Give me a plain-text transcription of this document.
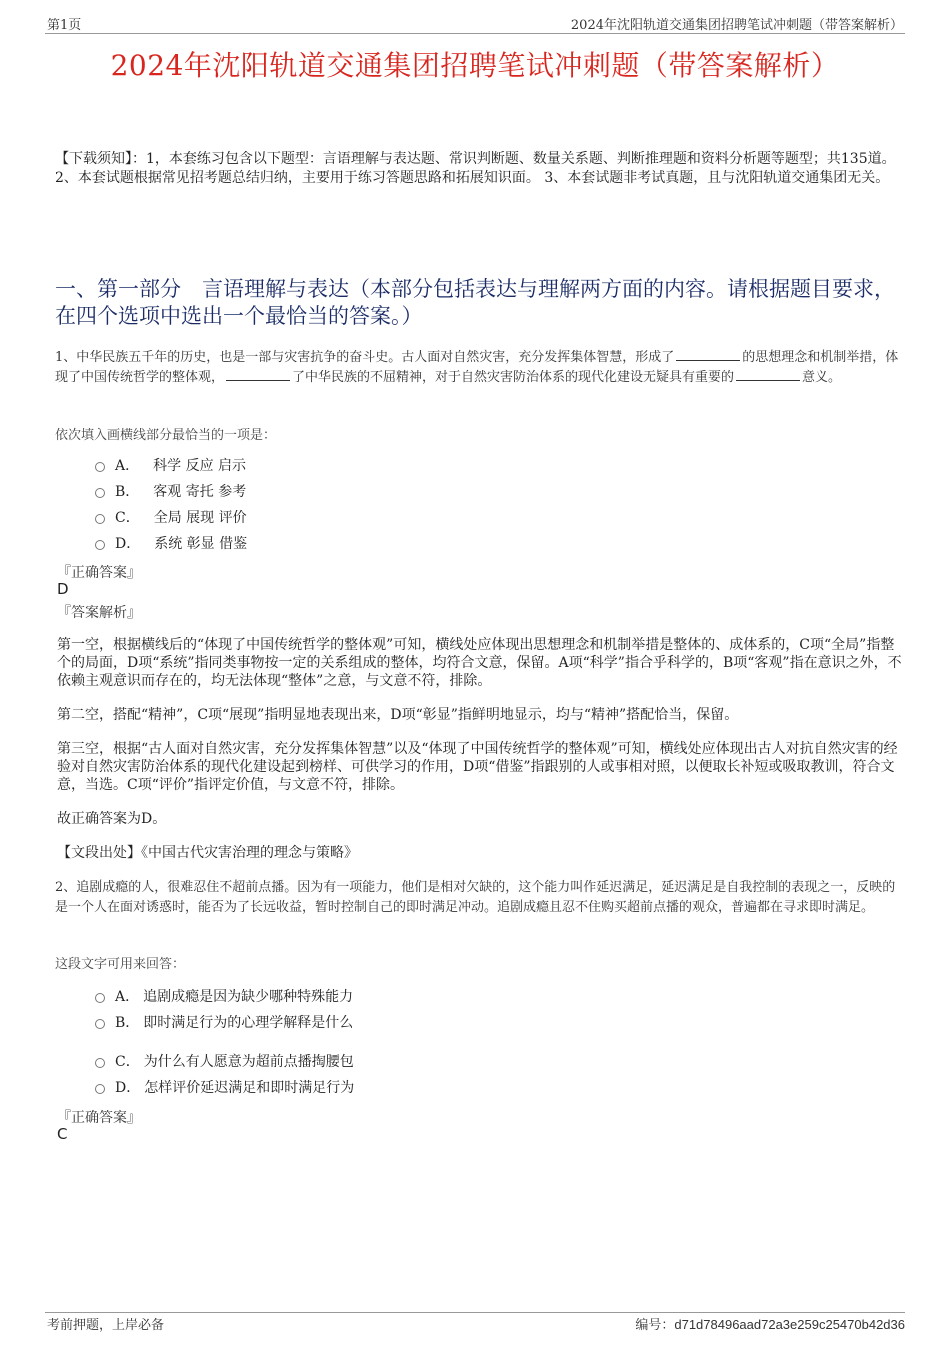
第1页	2024年沈阳轨道交通集团招聘笔试冲刺题（带答案解析）
2024年沈阳轨道交通集团招聘笔试冲刺题（带答案解析）
【下载须知】：1，本套练习包含以下题型：言语理解与表达题、常识判断题、数量关系题、判断推理题和资料分析题等题型；共135道。 2、本套试题根据常见招考题总结归纳，主要用于练习答题思路和拓展知识面。 3、本套试题非考试真题，且与沈阳轨道交通集团无关。
一、第一部分　言语理解与表达（本部分包括表达与理解两方面的内容。请根据题目要求，在四个选项中选出一个最恰当的答案。）
1、中华民族五千年的历史，也是一部与灾害抗争的奋斗史。古人面对自然灾害，充分发挥集体智慧，形成了	的思想理念和机制举措，体现了中国传统哲学的整体观，	了中华民族的不屈精神，对于自然灾害防治体系的现代化建设无疑具有重要的	意义。
依次填入画横线部分最恰当的一项是：
A． 科学 反应 启示
B． 客观 寄托 参考
C． 全局 展现 评价
D． 系统 彰显 借鉴
『正确答案』
D
『答案解析』
第一空，根据横线后的“体现了中国传统哲学的整体观”可知，横线处应体现出思想理念和机制举措是整体的、成体系的，C项“全局”指整个的局面，D项“系统”指同类事物按一定的关系组成的整体，均符合文意，保留。A项“科学”指合乎科学的，B项“客观”指在意识之外，不依赖主观意识而存在的，均无法体现“整体”之意，与文意不符，排除。
第二空，搭配“精神”，C项“展现”指明显地表现出来，D项“彰显”指鲜明地显示，均与“精神”搭配恰当，保留。
第三空，根据“古人面对自然灾害，充分发挥集体智慧”以及“体现了中国传统哲学的整体观”可知，横线处应体现出古人对抗自然灾害的经验对自然灾害防治体系的现代化建设起到榜样、可供学习的作用，D项“借鉴”指跟别的人或事相对照，以便取长补短或吸取教训，符合文意，当选。C项“评价”指评定价值，与文意不符，排除。
故正确答案为D。
【文段出处】《中国古代灾害治理的理念与策略》
2、追剧成瘾的人，很难忍住不超前点播。因为有一项能力，他们是相对欠缺的，这个能力叫作延迟满足，延迟满足是自我控制的表现之一，反映的是一个人在面对诱惑时，能否为了长远收益，暂时控制自己的即时满足冲动。追剧成瘾且忍不住购买超前点播的观众，普遍都在寻求即时满足。
这段文字可用来回答：
A． 追剧成瘾是因为缺少哪种特殊能力
B． 即时满足行为的心理学解释是什么
C． 为什么有人愿意为超前点播掏腰包
D． 怎样评价延迟满足和即时满足行为
『正确答案』
C
考前押题，上岸必备	编号：d71d78496aad72a3e259c25470b42d36
